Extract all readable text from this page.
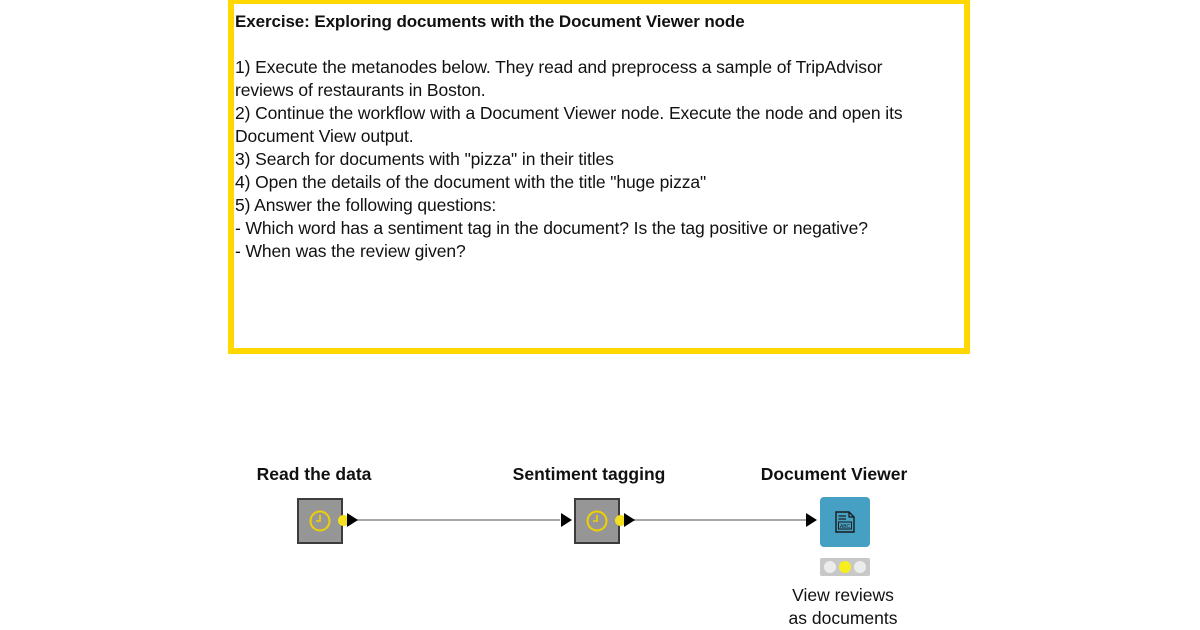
Exercise: Exploring documents with the Document Viewer node

1) Execute the metanodes below. They read and preprocess a sample of TripAdvisor
reviews of restaurants in Boston.
2) Continue the workflow with a Document Viewer node. Execute the node and open its
Document View output.
3) Search for documents with "pizza" in their titles
4) Open the details of the document with the title "huge pizza"
5) Answer the following questions:
- Which word has a sentiment tag in the document? Is the tag positive or negative?
- When was the review given?
Read the data	Sentiment tagging	Document Viewer
ABC
View reviews
as documents
